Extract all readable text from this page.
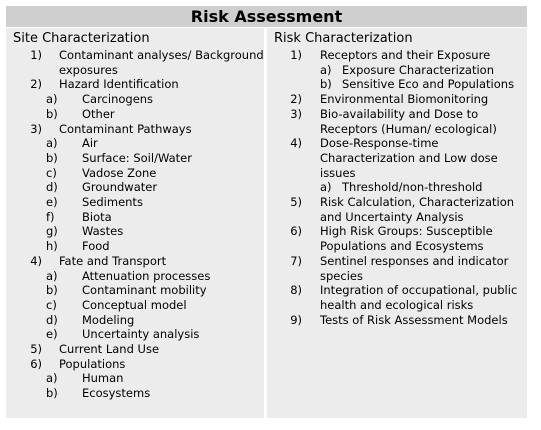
Risk Assessment
Site Characterization
1) Contaminant analyses/ Background exposures
2) Hazard Identification
a) Carcinogens
b) Other
3) Contaminant Pathways
a) Air
b) Surface: Soil/Water
c) Vadose Zone
d) Groundwater
e) Sediments
f)	Biota
g) Wastes
h) Food
4) Fate and Transport
a) Attenuation processes
b) Contaminant mobility
c) Conceptual model
d) Modeling
e) Uncertainty analysis
5) Current Land Use
6) Populations
a) Human
b) Ecosystems
Risk Characterization
1) Receptors and their Exposure
a) Exposure Characterization
b) Sensitive Eco and Populations
2) Environmental Biomonitoring
3) Bio-availability and Dose to Receptors (Human/ ecological)
4) Dose-Response-time Characterization and Low dose issues
a) Threshold/non-threshold
5) Risk Calculation, Characterization and Uncertainty Analysis
6) High Risk Groups: Susceptible Populations and Ecosystems
7) Sentinel responses and indicator species
8) Integration of occupational, public health and ecological risks
9) Tests of Risk Assessment Models
